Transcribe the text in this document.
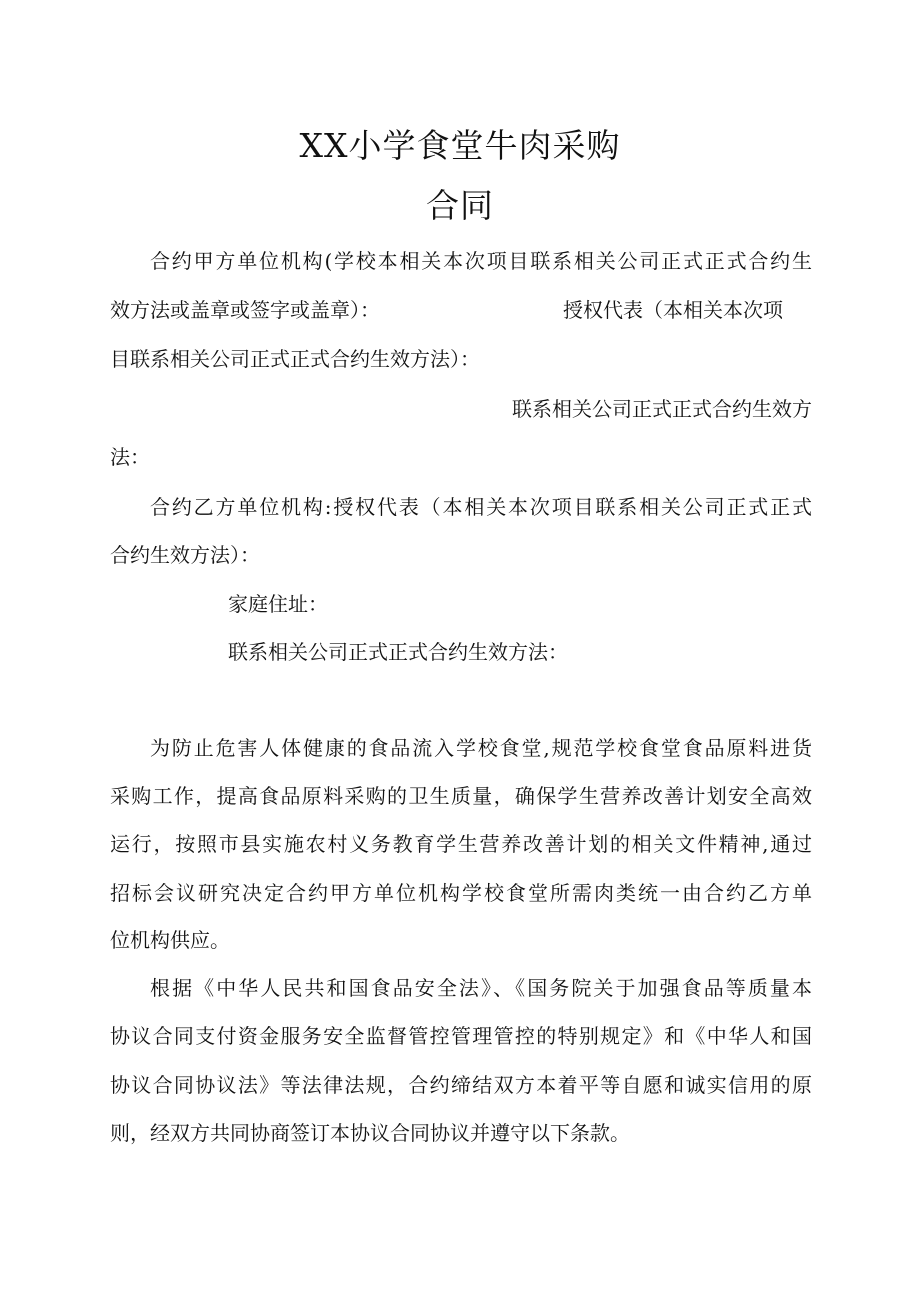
XX小学食堂牛肉采购
合同
合约甲方单位机构(学校本相关本次项目联系相关公司正式正式合约生
效方法或盖章或签字或盖章）：	授权代表（本相关本次项
目联系相关公司正式正式合约生效方法）：
联系相关公司正式正式合约生效方
法：
合约乙方单位机构:授权代表（本相关本次项目联系相关公司正式正式
合约生效方法）：
家庭住址：
联系相关公司正式正式合约生效方法：
为防止危害人体健康的食品流入学校食堂,规范学校食堂食品原料进货
采购工作，提高食品原料采购的卫生质量，确保学生营养改善计划安全高效
运行，按照市县实施农村义务教育学生营养改善计划的相关文件精神,通过
招标会议研究决定合约甲方单位机构学校食堂所需肉类统一由合约乙方单
位机构供应。
根据《中华人民共和国食品安全法》、《国务院关于加强食品等质量本
协议合同支付资金服务安全监督管控管理管控的特别规定》和《中华人和国
协议合同协议法》等法律法规，合约缔结双方本着平等自愿和诚实信用的原
则，经双方共同协商签订本协议合同协议并遵守以下条款。
